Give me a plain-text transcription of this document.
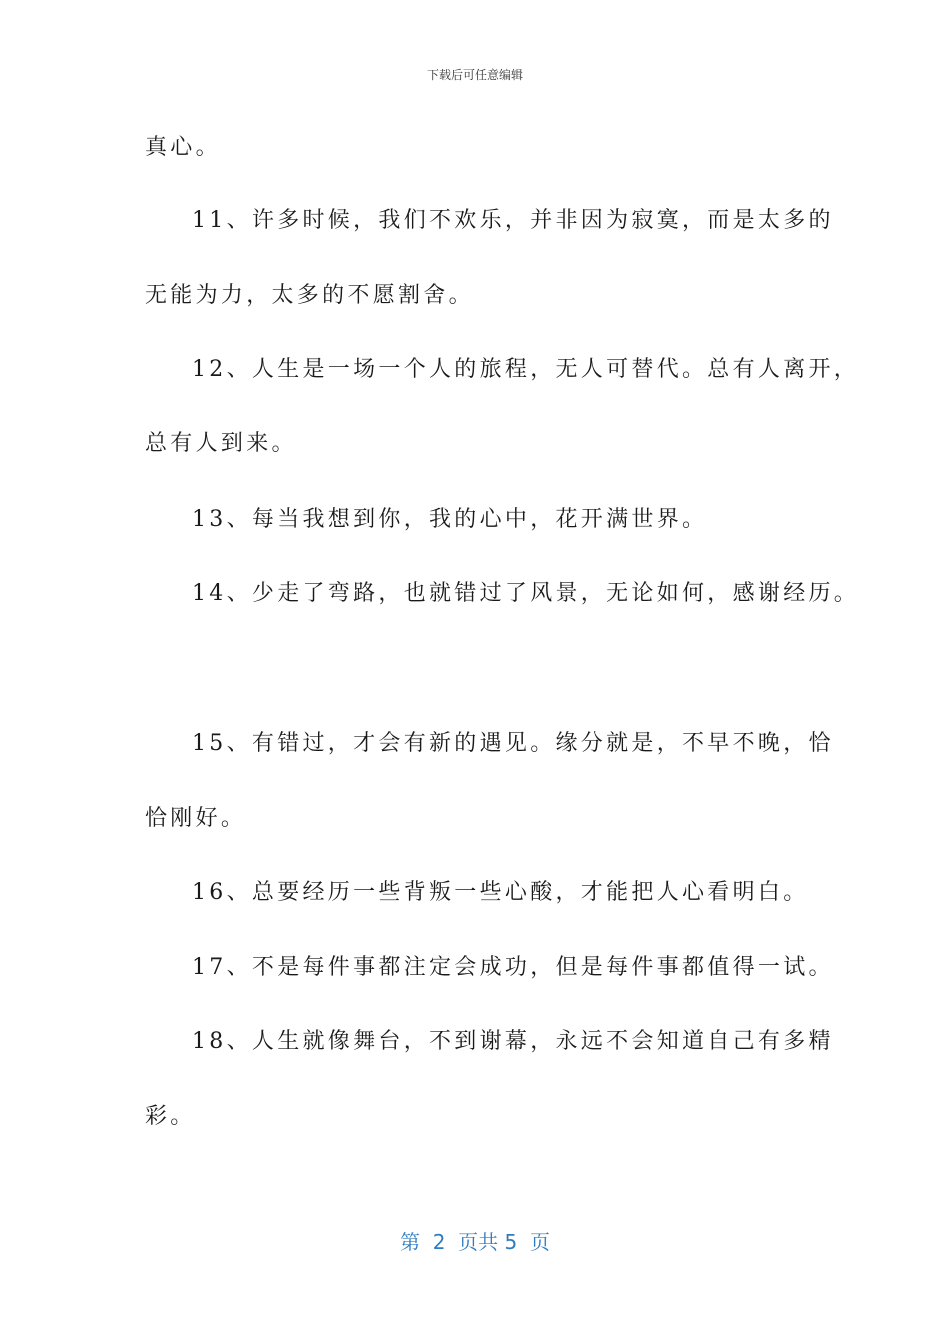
下载后可任意编辑
真心。
11、许多时候，我们不欢乐，并非因为寂寞，而是太多的
无能为力，太多的不愿割舍。
12、人生是一场一个人的旅程，无人可替代。总有人离开，
总有人到来。
13、每当我想到你，我的心中，花开满世界。
14、少走了弯路，也就错过了风景，无论如何，感谢经历。
15、有错过，才会有新的遇见。缘分就是，不早不晚，恰
恰刚好。
16、总要经历一些背叛一些心酸，才能把人心看明白。
17、不是每件事都注定会成功，但是每件事都值得一试。
18、人生就像舞台，不到谢幕，永远不会知道自己有多精
彩。
第  2  页共 5  页
